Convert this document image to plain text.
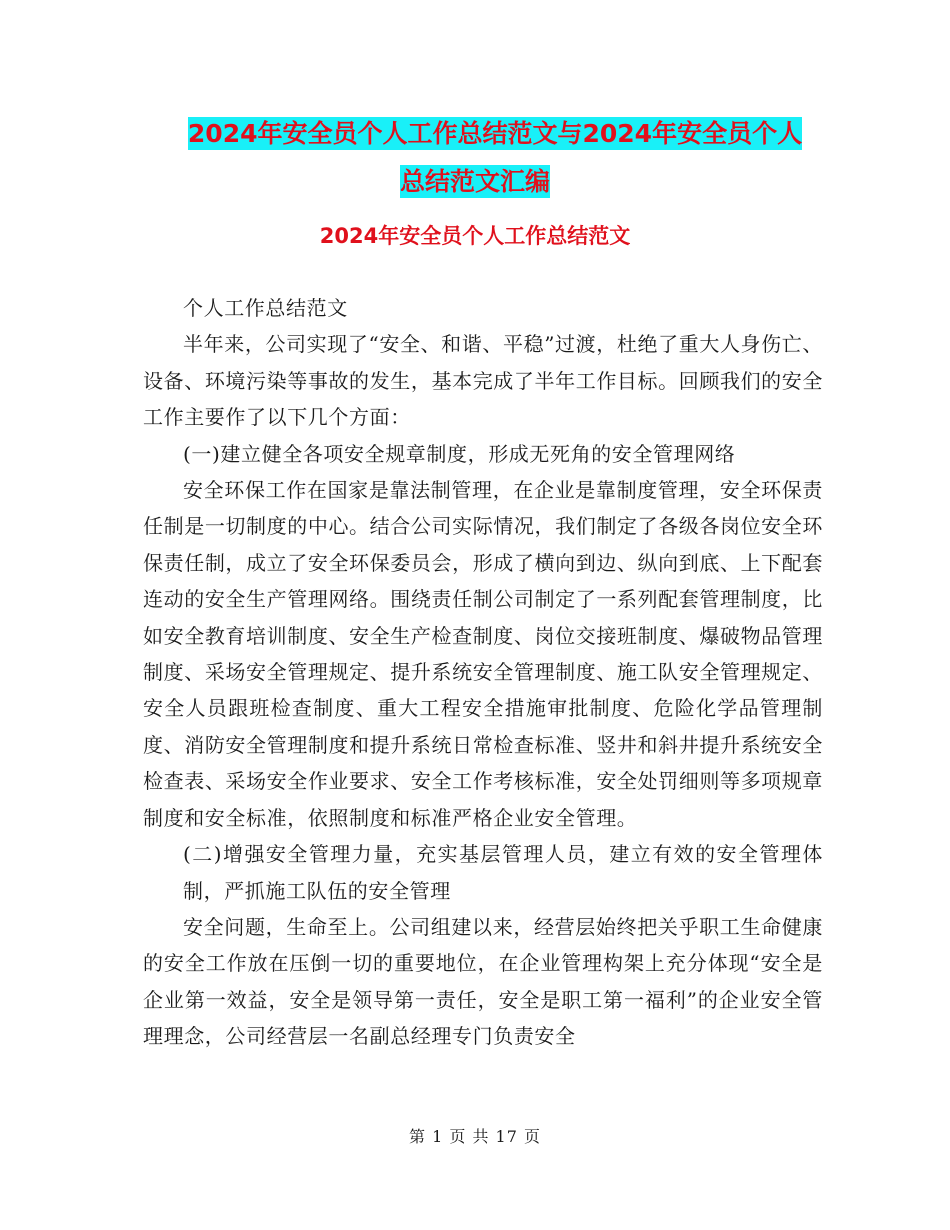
2024年安全员个人工作总结范文与2024年安全员个人
总结范文汇编
2024年安全员个人工作总结范文

个人工作总结范文

半年来，公司实现了“安全、和谐、平稳”过渡，杜绝了重大人身伤亡、设备、环境污染等事故的发生，基本完成了半年工作目标。回顾我们的安全工作主要作了以下几个方面：

(一)建立健全各项安全规章制度，形成无死角的安全管理网络

安全环保工作在国家是靠法制管理，在企业是靠制度管理，安全环保责任制是一切制度的中心。结合公司实际情况，我们制定了各级各岗位安全环保责任制，成立了安全环保委员会，形成了横向到边、纵向到底、上下配套连动的安全生产管理网络。围绕责任制公司制定了一系列配套管理制度，比如安全教育培训制度、安全生产检查制度、岗位交接班制度、爆破物品管理制度、采场安全管理规定、提升系统安全管理制度、施工队安全管理规定、安全人员跟班检查制度、重大工程安全措施审批制度、危险化学品管理制度、消防安全管理制度和提升系统日常检查标准、竖井和斜井提升系统安全检查表、采场安全作业要求、安全工作考核标准，安全处罚细则等多项规章制度和安全标准，依照制度和标准严格企业安全管理。

(二)增强安全管理力量，充实基层管理人员，建立有效的安全管理体制，严抓施工队伍的安全管理

安全问题，生命至上。公司组建以来，经营层始终把关乎职工生命健康的安全工作放在压倒一切的重要地位，在企业管理构架上充分体现“安全是企业第一效益，安全是领导第一责任，安全是职工第一福利”的企业安全管理理念，公司经营层一名副总经理专门负责安全

第 1 页 共 17 页
